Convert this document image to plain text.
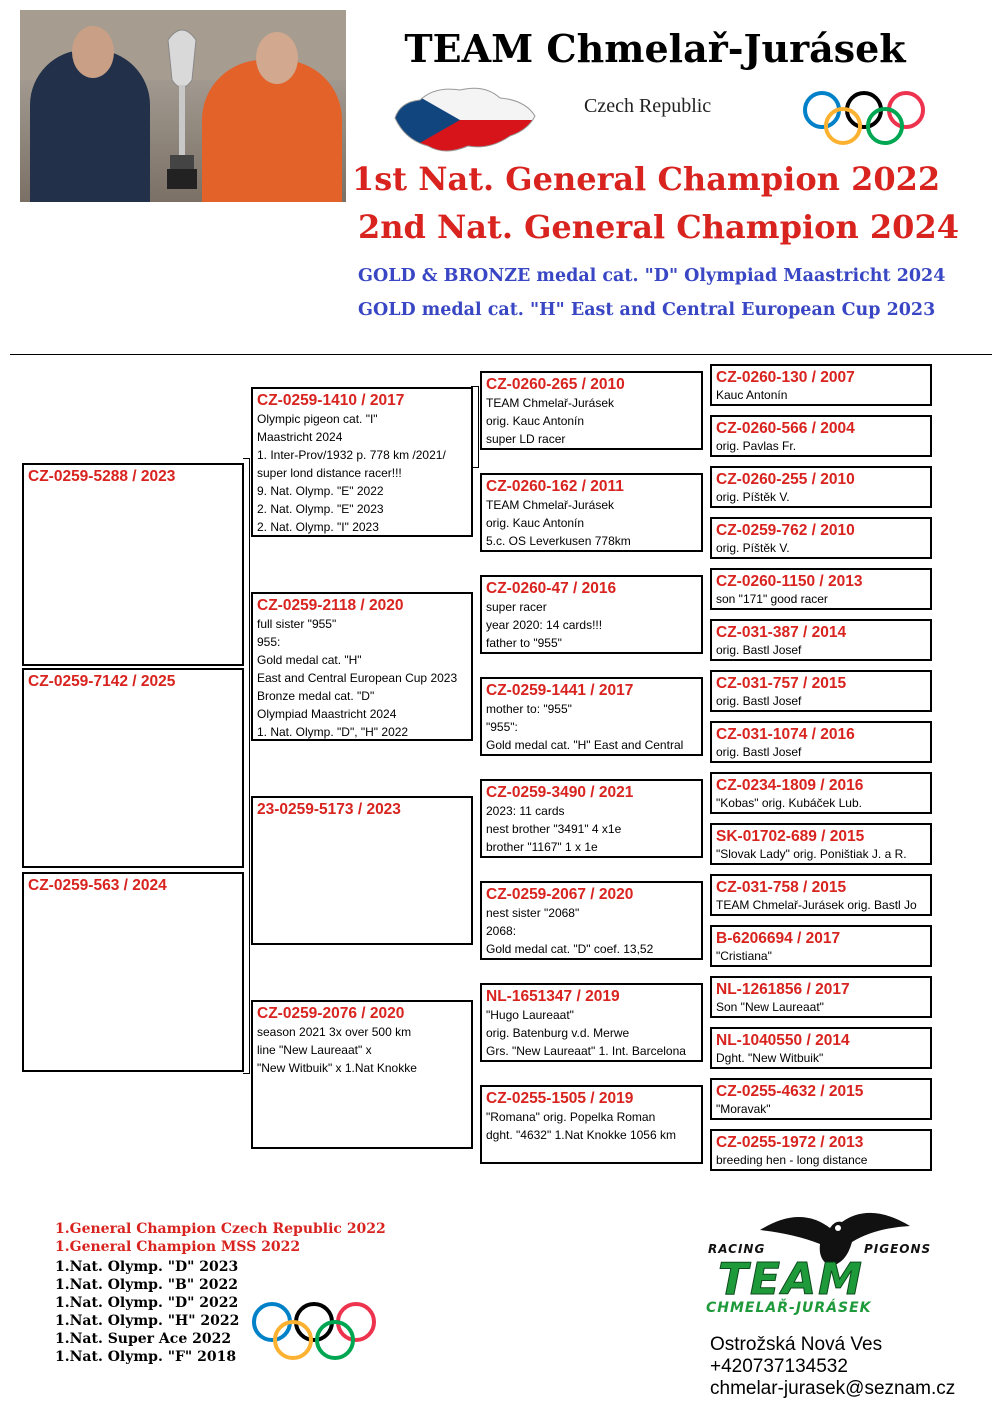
TEAM Chmelař-Jurásek
Czech Republic
1st Nat. General Champion 2022
2nd Nat. General Champion 2024
GOLD & BRONZE medal cat. "D" Olympiad Maastricht 2024
GOLD medal cat. "H" East and Central European Cup 2023
CZ-0259-5288 / 2023
CZ-0259-7142 / 2025
CZ-0259-563 / 2024
CZ-0259-1410 / 2017
Olympic pigeon cat. "I"
Maastricht 2024
1. Inter-Prov/1932 p. 778 km /2021/
super lond distance racer!!!
9. Nat. Olymp. "E" 2022
2. Nat. Olymp. "E" 2023
2. Nat. Olymp. "I" 2023
CZ-0259-2118 / 2020
full sister "955"
955:
Gold medal cat. "H"
East and Central European Cup 2023
Bronze medal cat. "D"
Olympiad Maastricht 2024
1. Nat. Olymp. "D", "H" 2022
23-0259-5173 / 2023
CZ-0259-2076 / 2020
season 2021 3x over 500 km
line "New Laureaat" x
"New Witbuik" x 1.Nat Knokke
CZ-0260-265 / 2010
TEAM Chmelař-Jurásek
orig. Kauc Antonín
super LD racer
CZ-0260-162 / 2011
TEAM Chmelař-Jurásek
orig. Kauc Antonín
5.c. OS Leverkusen 778km
CZ-0260-47 / 2016
super racer
year 2020: 14 cards!!!
father to "955"
CZ-0259-1441 / 2017
mother to: "955"
"955":
Gold medal cat. "H" East and Central
CZ-0259-3490 / 2021
2023: 11 cards
nest brother "3491" 4 x1e
brother "1167" 1 x 1e
CZ-0259-2067 / 2020
nest sister "2068"
2068:
Gold medal cat. "D" coef. 13,52
NL-1651347 / 2019
"Hugo Laureaat"
orig. Batenburg v.d. Merwe
Grs. "New Laureaat" 1. Int. Barcelona
CZ-0255-1505 / 2019
"Romana" orig. Popelka Roman
dght. "4632" 1.Nat Knokke 1056 km
CZ-0260-130 / 2007
Kauc Antonín
CZ-0260-566 / 2004
orig. Pavlas Fr.
CZ-0260-255 / 2010
orig. Píštěk V.
CZ-0259-762 / 2010
orig. Píštěk V.
CZ-0260-1150 / 2013
son "171" good racer
CZ-031-387 / 2014
orig. Bastl Josef
CZ-031-757 / 2015
orig. Bastl Josef
CZ-031-1074 / 2016
orig. Bastl Josef
CZ-0234-1809 / 2016
"Kobas" orig. Kubáček Lub.
SK-01702-689 / 2015
"Slovak Lady" orig. Poništiak J. a R.
CZ-031-758 / 2015
TEAM Chmelař-Jurásek orig. Bastl Jo
B-6206694 / 2017
"Cristiana"
NL-1261856 / 2017
Son "New Laureaat"
NL-1040550 / 2014
Dght. "New Witbuik"
CZ-0255-4632 / 2015
"Moravak"
CZ-0255-1972 / 2013
breeding hen - long distance
1.General Champion Czech Republic 2022
1.General Champion MSS 2022
1.Nat. Olymp. "D" 2023
1.Nat. Olymp. "B" 2022
1.Nat. Olymp. "D" 2022
1.Nat. Olymp. "H" 2022
1.Nat. Super Ace 2022
1.Nat. Olymp. "F" 2018
RACING	PIGEONS
TEAM
CHMELAŘ-JURÁSEK
Ostrožská Nová Ves
+420737134532
chmelar-jurasek@seznam.cz
